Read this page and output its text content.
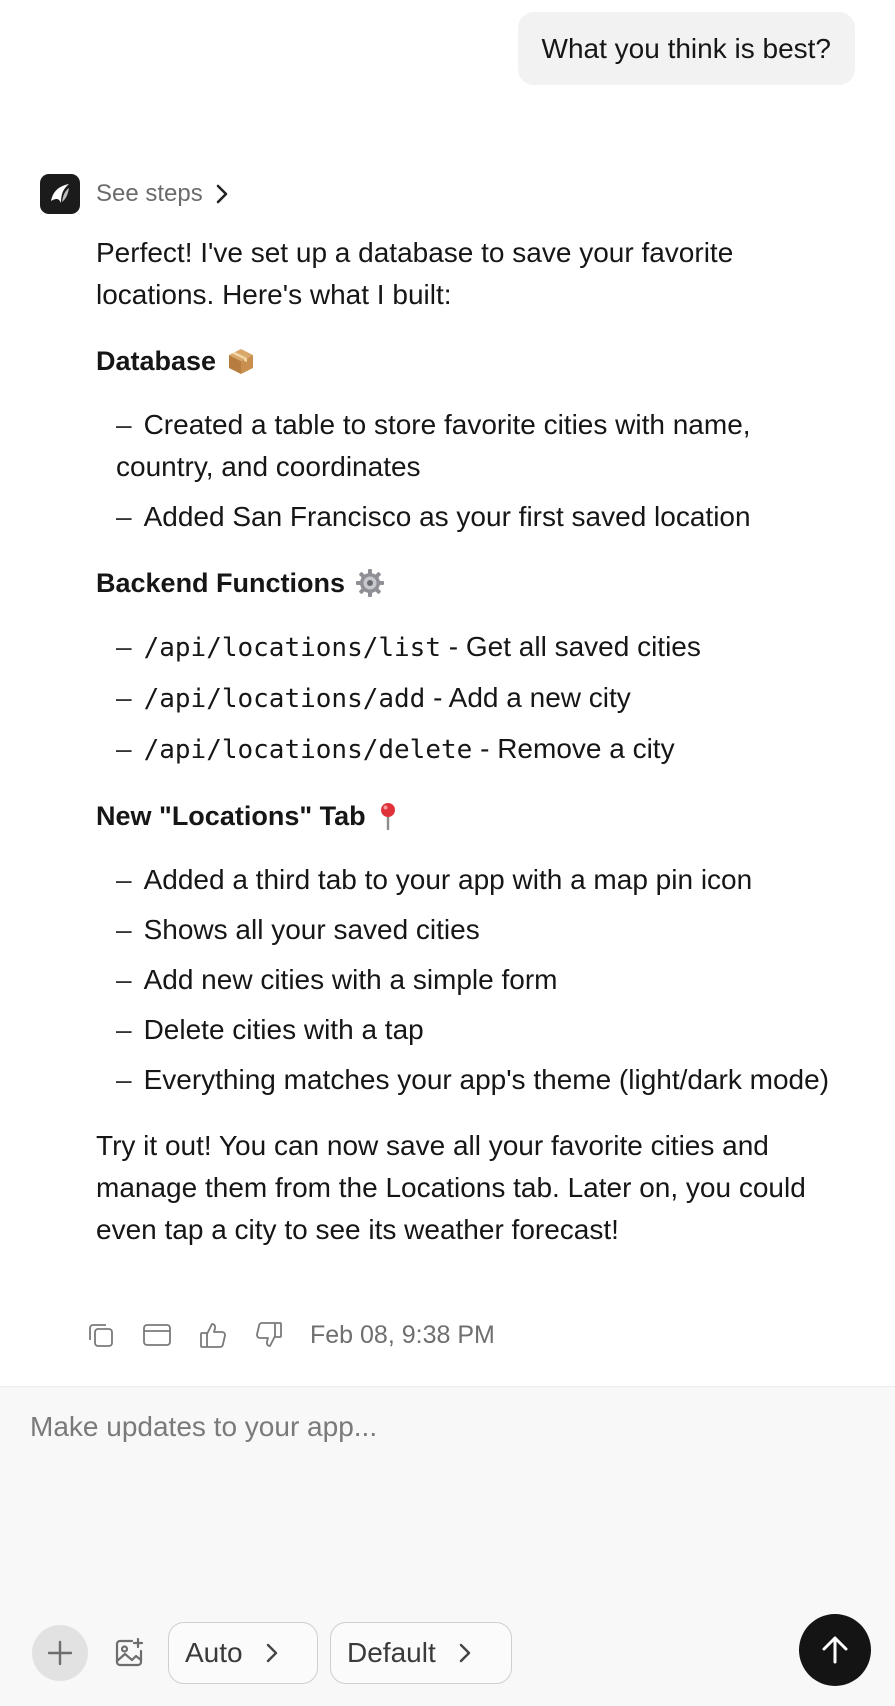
What you think is best?
See steps

Perfect! I've set up a database to save your favorite locations. Here's what I built:

Database
– Created a table to store favorite cities with name, country, and coordinates
– Added San Francisco as your first saved location
Backend Functions
– /api/locations/list - Get all saved cities
– /api/locations/add - Add a new city
– /api/locations/delete - Remove a city
New "Locations" Tab
– Added a third tab to your app with a map pin icon
– Shows all your saved cities
– Add new cities with a simple form
– Delete cities with a tap
– Everything matches your app's theme (light/dark mode)

Try it out! You can now save all your favorite cities and manage them from the Locations tab. Later on, you could even tap a city to see its weather forecast!

Feb 08, 9:38 PM
Make updates to your app...
Auto	Default
